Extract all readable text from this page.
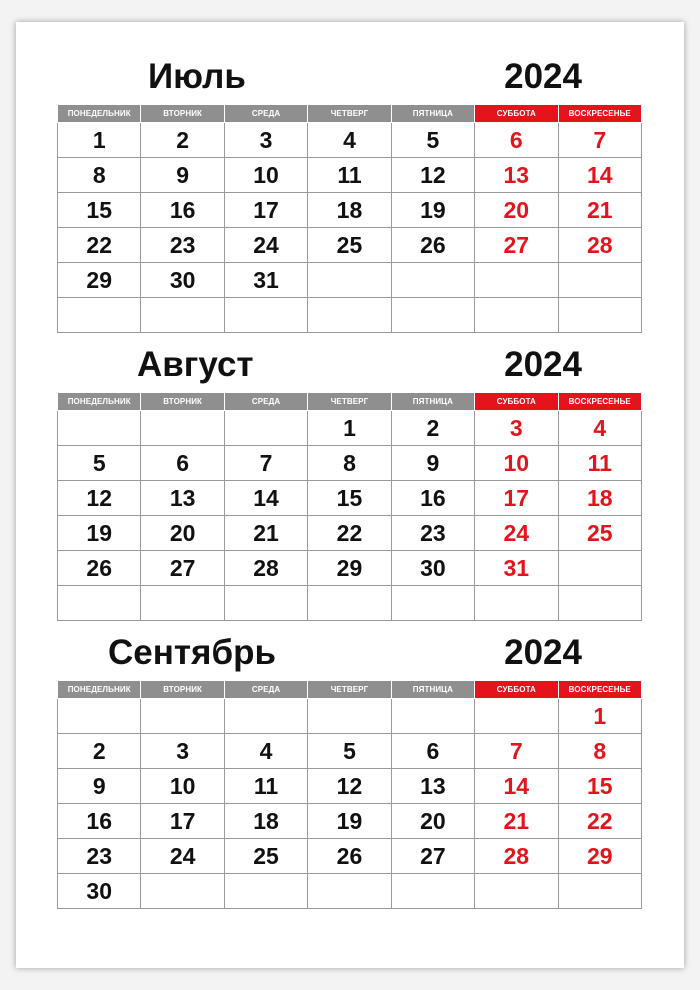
Июль	2024
ПОНЕДЕЛЬНИК	ВТОРНИК	СРЕДА	ЧЕТВЕРГ	ПЯТНИЦА	СУББОТА	ВОСКРЕСЕНЬЕ
1	2	3	4	5	6	7
8	9	10	11	12	13	14
15	16	17	18	19	20	21
22	23	24	25	26	27	28
29	30	31				

Август	2024
ПОНЕДЕЛЬНИК	ВТОРНИК	СРЕДА	ЧЕТВЕРГ	ПЯТНИЦА	СУББОТА	ВОСКРЕСЕНЬЕ
			1	2	3	4
5	6	7	8	9	10	11
12	13	14	15	16	17	18
19	20	21	22	23	24	25
26	27	28	29	30	31	

Сентябрь	2024
ПОНЕДЕЛЬНИК	ВТОРНИК	СРЕДА	ЧЕТВЕРГ	ПЯТНИЦА	СУББОТА	ВОСКРЕСЕНЬЕ
						1
2	3	4	5	6	7	8
9	10	11	12	13	14	15
16	17	18	19	20	21	22
23	24	25	26	27	28	29
30						
